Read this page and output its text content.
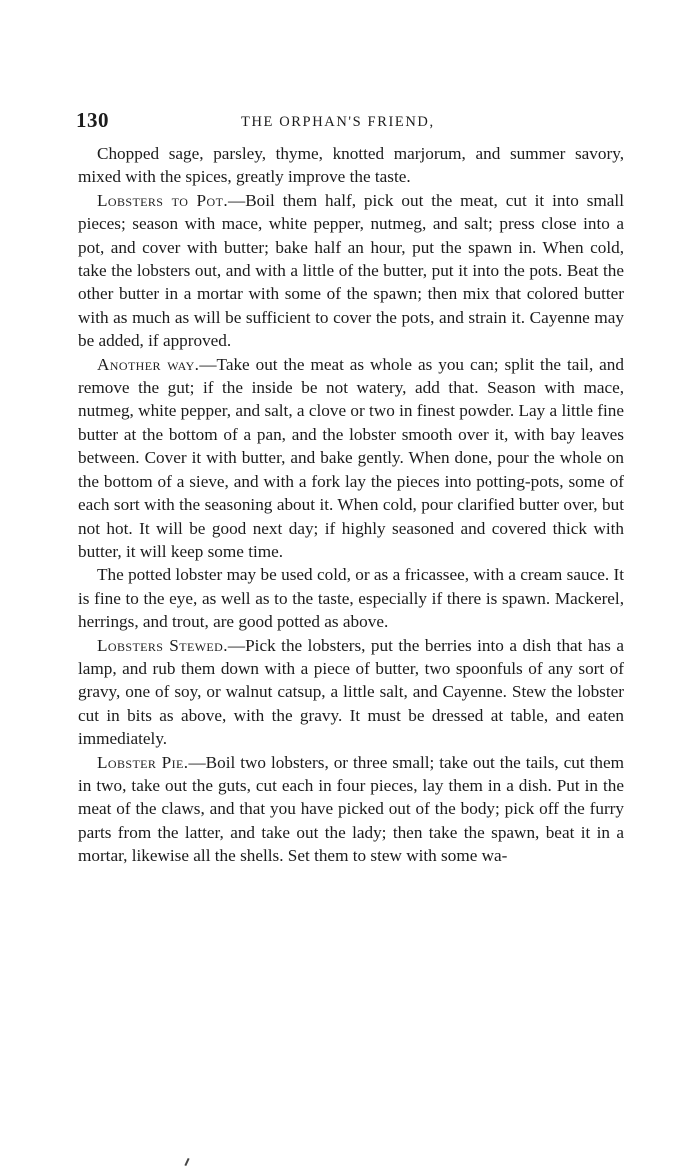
130	THE ORPHAN'S FRIEND,

Chopped sage, parsley, thyme, knotted marjorum, and summer savory, mixed with the spices, greatly improve the taste.

Lobsters to Pot.—Boil them half, pick out the meat, cut it into small pieces; season with mace, white pepper, nutmeg, and salt; press close into a pot, and cover with butter; bake half an hour, put the spawn in. When cold, take the lobsters out, and with a little of the butter, put it into the pots. Beat the other butter in a mortar with some of the spawn; then mix that colored butter with as much as will be sufficient to cover the pots, and strain it. Cayenne may be added, if approved.

Another way.—Take out the meat as whole as you can; split the tail, and remove the gut; if the inside be not watery, add that. Season with mace, nutmeg, white pepper, and salt, a clove or two in finest powder. Lay a little fine butter at the bottom of a pan, and the lobster smooth over it, with bay leaves between. Cover it with butter, and bake gently. When done, pour the whole on the bottom of a sieve, and with a fork lay the pieces into potting-pots, some of each sort with the seasoning about it. When cold, pour clarified butter over, but not hot. It will be good next day; if highly seasoned and covered thick with butter, it will keep some time.

The potted lobster may be used cold, or as a fricassee, with a cream sauce. It is fine to the eye, as well as to the taste, especially if there is spawn. Mackerel, herrings, and trout, are good potted as above.

Lobsters Stewed.—Pick the lobsters, put the berries into a dish that has a lamp, and rub them down with a piece of butter, two spoonfuls of any sort of gravy, one of soy, or walnut catsup, a little salt, and Cayenne. Stew the lobster cut in bits as above, with the gravy. It must be dressed at table, and eaten immediately.

Lobster Pie.—Boil two lobsters, or three small; take out the tails, cut them in two, take out the guts, cut each in four pieces, lay them in a dish. Put in the meat of the claws, and that you have picked out of the body; pick off the furry parts from the latter, and take out the lady; then take the spawn, beat it in a mortar, likewise all the shells. Set them to stew with some wa-
